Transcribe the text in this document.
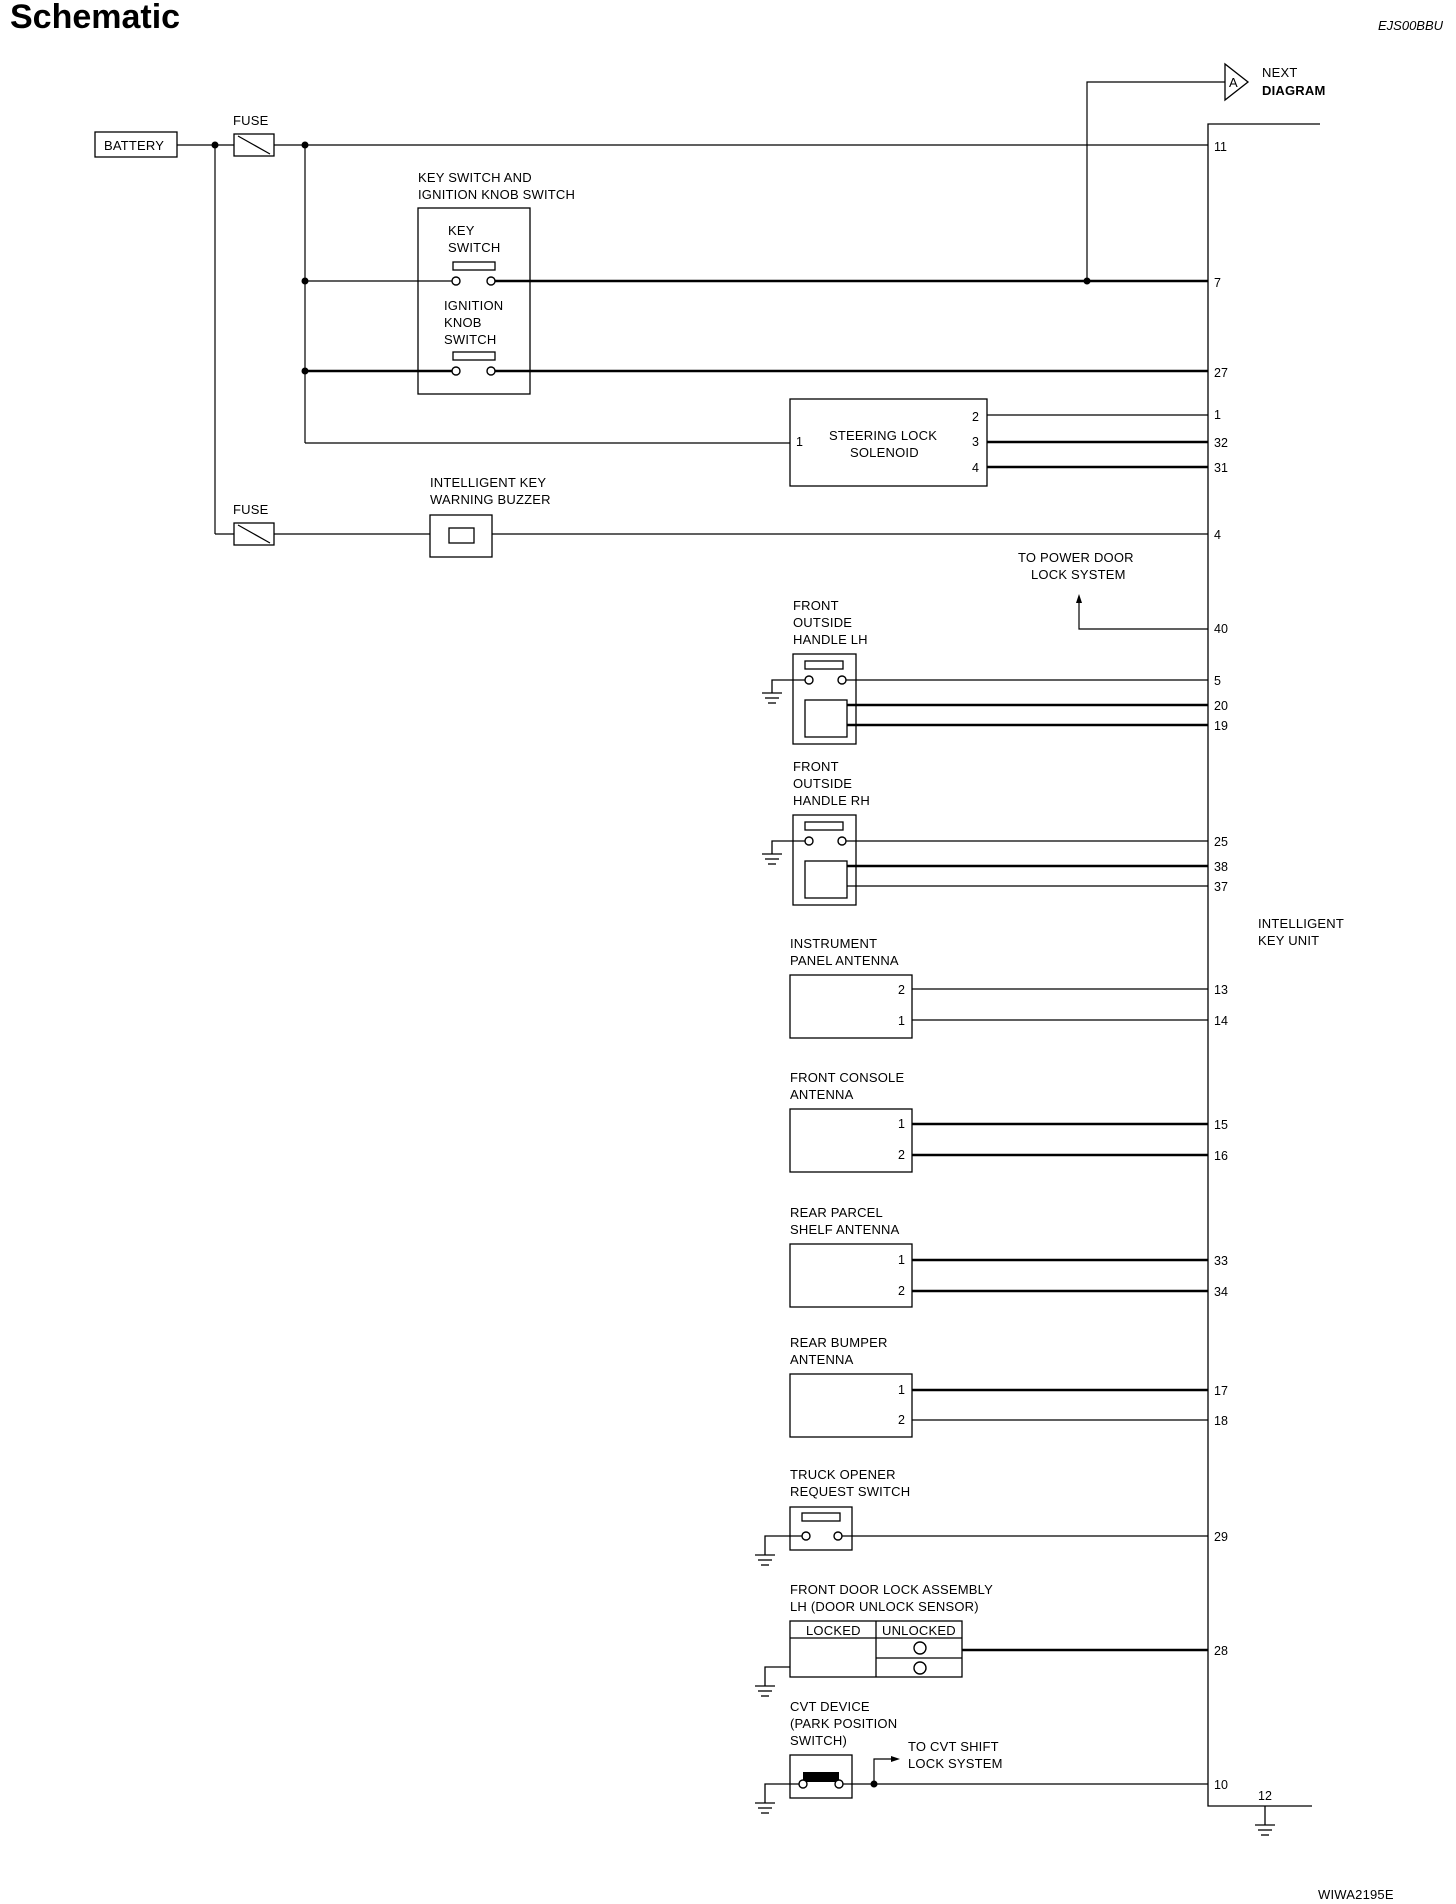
Schematic	EJS00BBU
WIWA2195E
INTELLIGENT
KEY UNIT
11
7
27
1
32
31
4
40
5
20
19
25
38
37
13
14
15
16
33
34
17
18
29
28
10
12
BATTERY
FUSE
FUSE
A
NEXT
DIAGRAM
KEY SWITCH AND
IGNITION KNOB SWITCH
KEY
SWITCH
IGNITION
KNOB
SWITCH
STEERING LOCK
SOLENOID
1
2
3
4
INTELLIGENT KEY
WARNING BUZZER
TO POWER DOOR
LOCK SYSTEM
FRONT
OUTSIDE
HANDLE LH
FRONT
OUTSIDE
HANDLE RH
INSTRUMENT
PANEL ANTENNA
2
1
FRONT CONSOLE
ANTENNA
1
2
REAR PARCEL
SHELF ANTENNA
1
2
REAR BUMPER
ANTENNA
1
2
TRUCK OPENER
REQUEST SWITCH
FRONT DOOR LOCK ASSEMBLY
LH (DOOR UNLOCK SENSOR)
LOCKED UNLOCKED
CVT DEVICE
(PARK POSITION
SWITCH)	TO CVT SHIFT
LOCK SYSTEM
